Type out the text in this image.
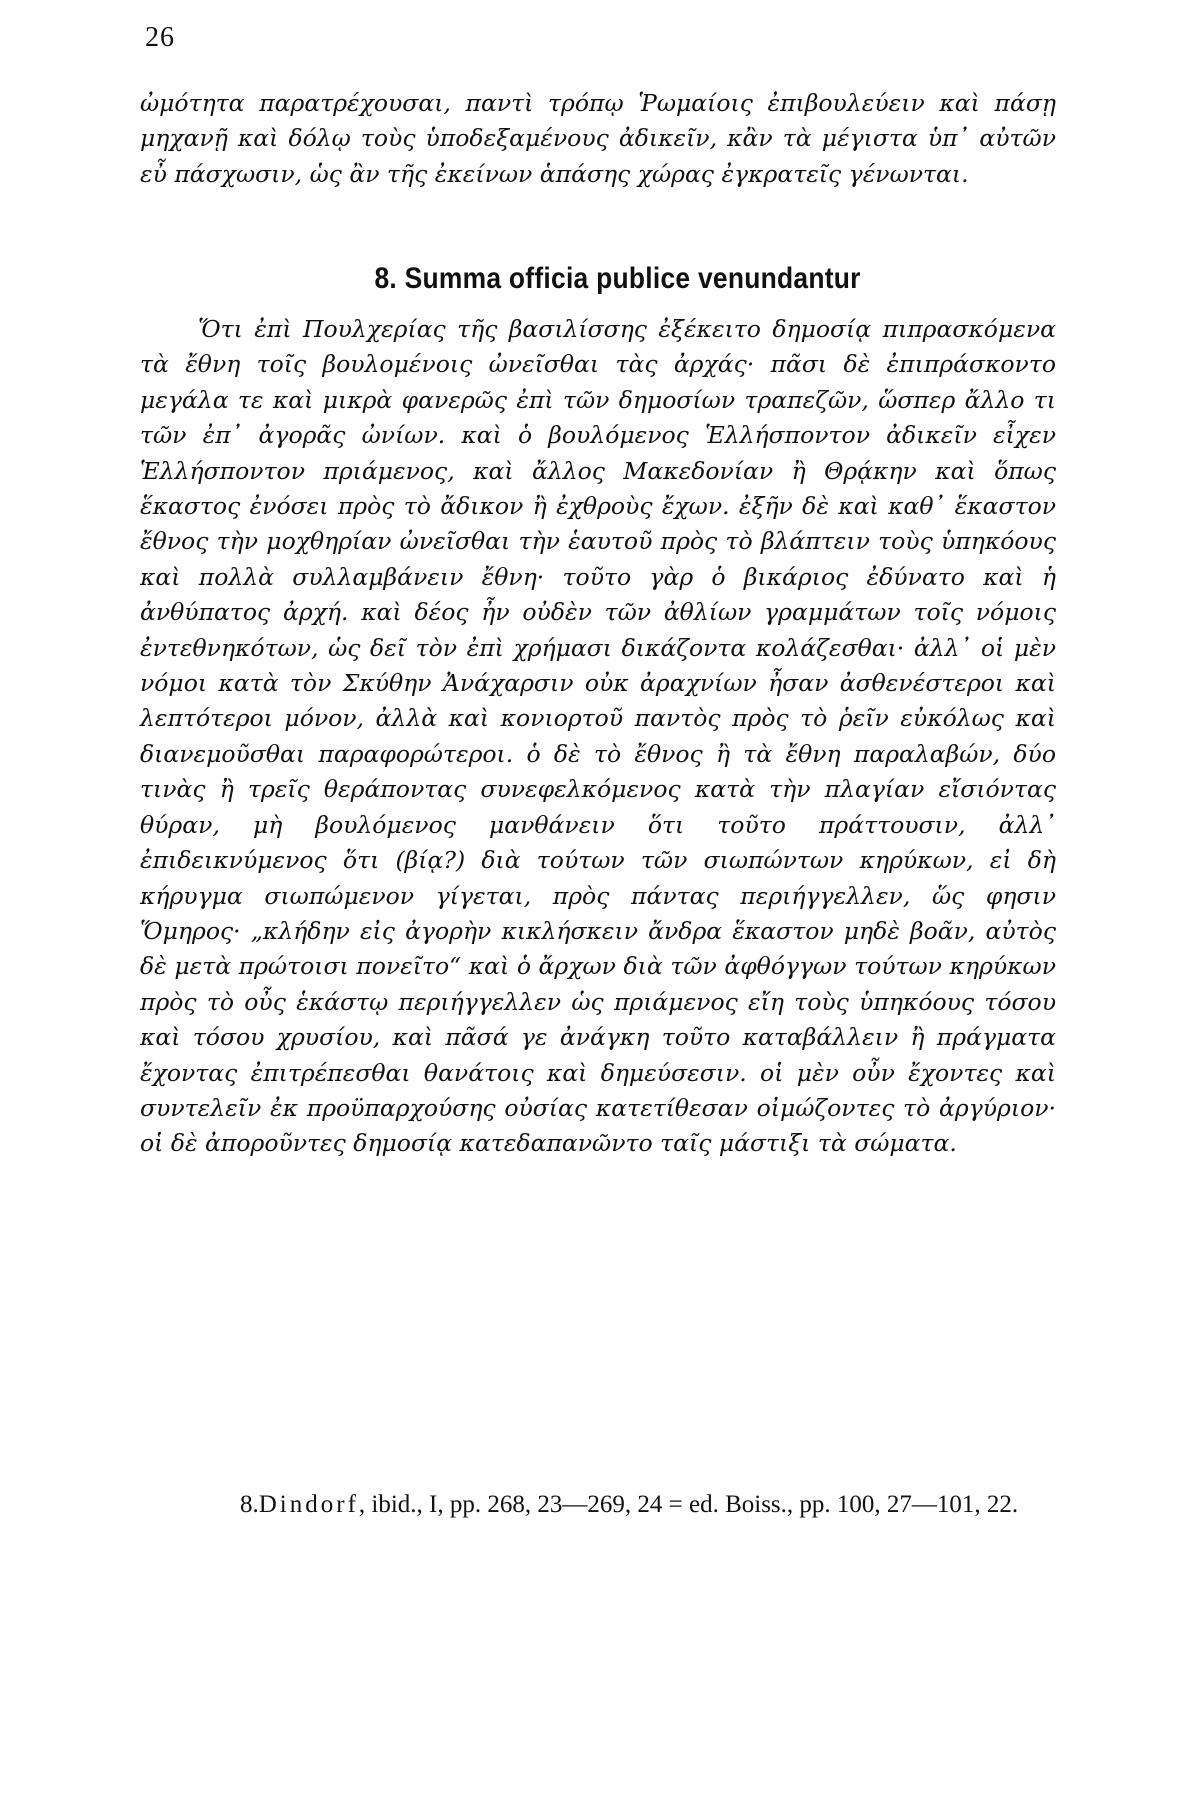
26

ὠμότητα παρατρέχουσαι, παντὶ τρόπῳ Ῥωμαίοις ἐπιβουλεύειν καὶ πάσῃ μηχανῇ καὶ δόλῳ τοὺς ὑποδεξαμένους ἀδικεῖν, κἂν τὰ μέγιστα ὑπ᾿ αὐτῶν εὖ πάσχωσιν, ὡς ἂν τῆς ἐκείνων ἁπάσης χώρας ἐγκρατεῖς γένωνται.

8. Summa officia publice venundantur

Ὅτι ἐπὶ Πουλχερίας τῆς βασιλίσσης ἐξέκειτο δημοσίᾳ πιπρασκόμενα τὰ ἔθνη τοῖς βουλομένοις ὠνεῖσθαι τὰς ἀρχάς· πᾶσι δὲ ἐπιπράσκοντο μεγάλα τε καὶ μικρὰ φανερῶς ἐπὶ τῶν δημοσίων τραπεζῶν, ὥσπερ ἄλλο τι τῶν ἐπ᾿ ἀγορᾶς ὠνίων. καὶ ὁ βουλόμενος Ἑλλήσποντον ἀδικεῖν εἶχεν Ἑλλήσποντον πριάμενος, καὶ ἄλλος Μακεδονίαν ἢ Θρᾴκην καὶ ὅπως ἕκαστος ἐνόσει πρὸς τὸ ἄδικον ἢ ἐχθροὺς ἔχων. ἐξῆν δὲ καὶ καθ᾿ ἕκαστον ἔθνος τὴν μοχθηρίαν ὠνεῖσθαι τὴν ἑαυτοῦ πρὸς τὸ βλάπτειν τοὺς ὑπηκόους καὶ πολλὰ συλλαμβάνειν ἔθνη· τοῦτο γὰρ ὁ βικάριος ἐδύνατο καὶ ἡ ἀνθύπατος ἀρχή. καὶ δέος ἦν οὐδὲν τῶν ἀθλίων γραμμάτων τοῖς νόμοις ἐντεθνηκότων, ὡς δεῖ τὸν ἐπὶ χρήμασι δικάζοντα κολάζεσθαι· ἀλλ᾿ οἱ μὲν νόμοι κατὰ τὸν Σκύθην Ἀνάχαρσιν οὐκ ἀραχνίων ἦσαν ἀσθενέστεροι καὶ λεπτότεροι μόνον, ἀλλὰ καὶ κονιορτοῦ παντὸς πρὸς τὸ ῥεῖν εὐκόλως καὶ διανεμοῦσθαι παραφορώτεροι. ὁ δὲ τὸ ἔθνος ἢ τὰ ἔθνη παραλαβών, δύο τινὰς ἢ τρεῖς θεράποντας συνεφελκόμενος κατὰ τὴν πλαγίαν εἴσιόντας θύραν, μὴ βουλόμενος μανθάνειν ὅτι τοῦτο πράττουσιν, ἀλλ᾿ ἐπιδεικνύμενος ὅτι (βίᾳ?) διὰ τούτων τῶν σιωπώντων κηρύκων, εἰ δὴ κήρυγμα σιωπώμενον γίγεται, πρὸς πάντας περιήγγελλεν, ὥς φησιν Ὅμηρος· „κλήδην εἰς ἀγορὴν κικλήσκειν ἄνδρα ἕκαστον μηδὲ βοᾶν, αὐτὸς δὲ μετὰ πρώτοισι πονεῖτο“ καὶ ὁ ἄρχων διὰ τῶν ἀφθόγγων τούτων κηρύκων πρὸς τὸ οὖς ἑκάστῳ περιήγγελλεν ὡς πριάμενος εἴη τοὺς ὑπηκόους τόσου καὶ τόσου χρυσίου, καὶ πᾶσά γε ἀνάγκη τοῦτο καταβάλλειν ἢ πράγματα ἔχοντας ἐπιτρέπεσθαι θανάτοις καὶ δημεύσεσιν. οἱ μὲν οὖν ἔχοντες καὶ συντελεῖν ἐκ προϋπαρχούσης οὐσίας κατετίθεσαν οἰμώζοντες τὸ ἀργύριον· οἱ δὲ ἀποροῦντες δημοσίᾳ κατεδαπανῶντο ταῖς μάστιξι τὰ σώματα.

8.Dindorf, ibid., I, pp. 268, 23—269, 24 = ed. Boiss., pp. 100, 27—101, 22.
